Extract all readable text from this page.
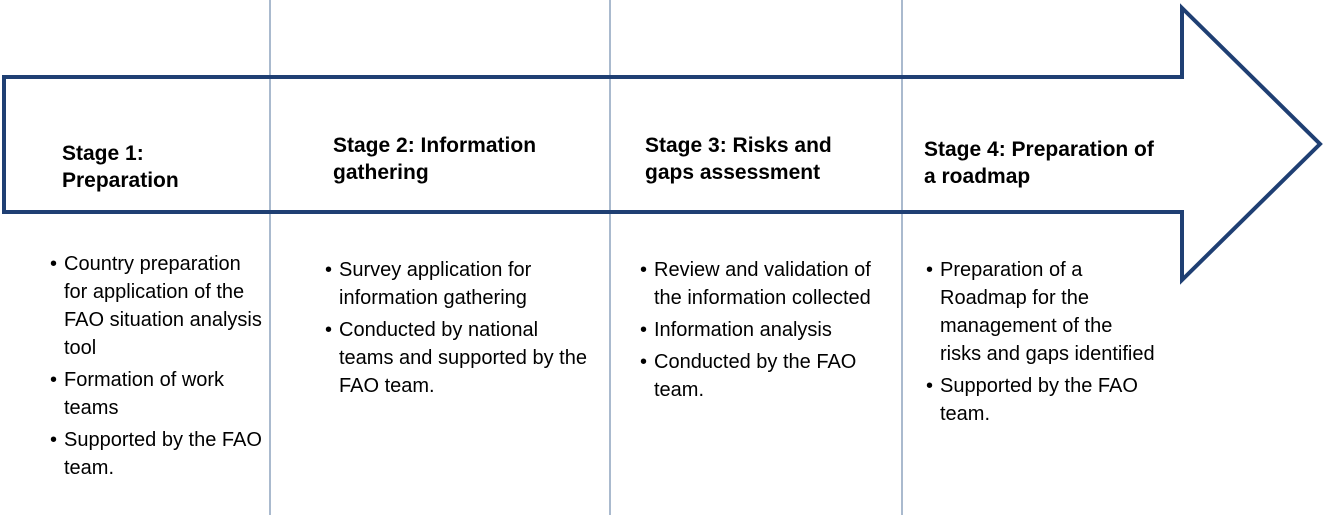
Stage 1:
Preparation
• Country preparation for application of the FAO situation analysis tool
• Formation of work teams
• Supported by the FAO team.
Stage 2: Information
gathering
• Survey application for information gathering
• Conducted by national teams and supported by the FAO team.
Stage 3: Risks and
gaps assessment
• Review and validation of the information collected
• Information analysis
• Conducted by the FAO team.
Stage 4: Preparation of
a roadmap
• Preparation of a Roadmap for the management of the risks and gaps identified
• Supported by the FAO team.
